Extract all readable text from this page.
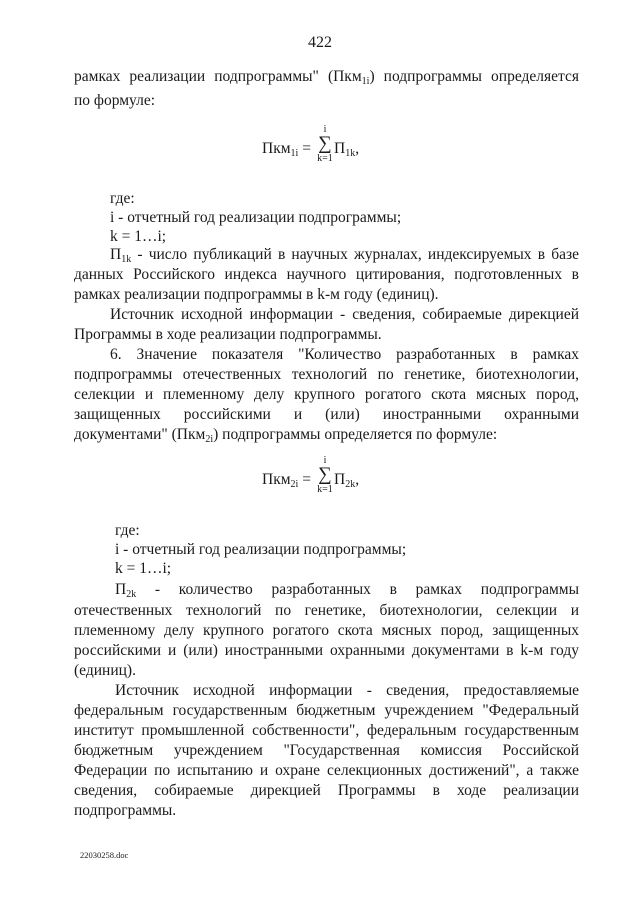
422
рамках реализации подпрограммы" (Пкм$_{1i}$) подпрограммы определяется
по формуле:
Пкм$_{1i}$ =
i
∑
k=1
$П_{1k}$,
где:
i - отчетный год реализации подпрограммы;
k = 1…i;
$П_{1k}$ - число публикаций в научных журналах, индексируемых в базе
данных Российского индекса научного цитирования, подготовленных в
рамках реализации подпрограммы в k-м году (единиц).
Источник исходной информации - сведения, собираемые дирекцией
Программы в ходе реализации подпрограммы.
6. Значение показателя "Количество разработанных в рамках
подпрограммы отечественных технологий по генетике, биотехнологии,
селекции и племенному делу крупного рогатого скота мясных пород,
защищенных российскими и (или) иностранными охранными
документами" (Пкм$_{2i}$) подпрограммы определяется по формуле:
Пкм$_{2i}$ =
i
∑
k=1
$П_{2k}$,
где:
i - отчетный год реализации подпрограммы;
k = 1…i;
$П_{2k}$ - количество разработанных в рамках подпрограммы
отечественных технологий по генетике, биотехнологии, селекции и
племенному делу крупного рогатого скота мясных пород, защищенных
российскими и (или) иностранными охранными документами в k-м году
(единиц).
Источник исходной информации - сведения, предоставляемые
федеральным государственным бюджетным учреждением "Федеральный
институт промышленной собственности", федеральным государственным
бюджетным учреждением "Государственная комиссия Российской
Федерации по испытанию и охране селекционных достижений", а также
сведения, собираемые дирекцией Программы в ходе реализации
подпрограммы.
22030258.doc
